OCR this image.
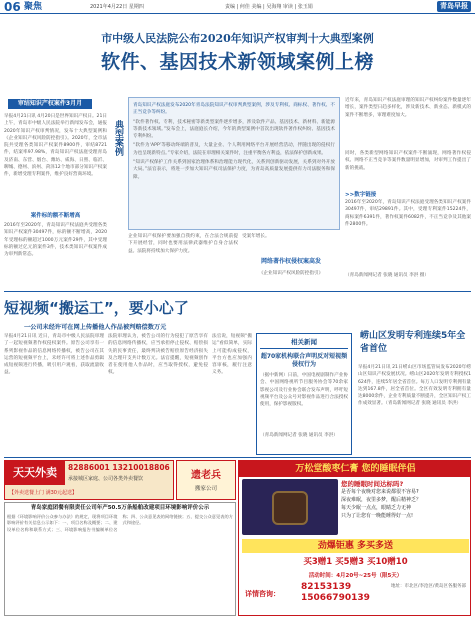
06 聚焦	2021年4月22日 星期四	责编 | 何佳 美编 | 吴海翔 审读 | 张玉娟	青岛早报
市中级人民法院公布2020年知识产权审判十大典型案例
软件、基因技术新领域案例上榜
审结知识产权案件3月月
早报4月21日讯 4月20日是世界知识产权日。21日上午，青岛市中级人民法院举行新闻发布会，通报2020年知识产权审判情况，发布十大典型案例和《企业知识产权风险防控指引》。2020年，全市法院共受理各类知识产权案件8900件，审结8721件，结案率97.98%，青岛知识产权法庭受理青岛及济南、东营、烟台、潍坊、威海、日照、临沂、聊城、德州、滨州、菏泽12个地市部分知识产权案件，新增受理专利案件，维护良好营商环境。
案件标的额不断增高
2016年至2020年，青岛知识产权法庭共受理各类知识产权案件30497件，标的额不断增高，2020年受理标的额超过1000万元案件29件，其中受理标的额过亿元的案件3件，技术类知识产权案件成为审判新常态。
典型案例
青岛知识产权法庭发布2020年青岛法院知识产权审判典型案例，涉及专利权、商标权、著作权、不正当竞争等纠纷。
“软件著作权、专利，技术秘密等新类型案件逐步增多，涉及软件产品、基因技术、新材料、新能源等新技术领域。”发布会上，法庭庭长介绍，今年的典型案例中首次出现软件著作权纠纷、基因技术专利纠纷。
“软件为‘APP’等移动终端的普及，大量企业、个人利用网络平台开展经营活动，伴随出现的侵权行为也呈现新特点。”专家介绍，法院在审理相关案件时，注重平衡各方利益，依法保护创新成果。
“知识产权保护工作关系到国家治理体系和治理能力现代化，关系到创新驱动发展，关系到对外开放大局。”法官表示，将进一步加大知识产权司法保护力度，为青岛高质量发展提供有力司法服务和保障。
企业知识产权保护要加强自我约束，在合法合规前提下开展经营，同时也要用法律武器维护自身合法权益。法院将持续加大保护力度。
受案年增长。
网络著作权侵权案高发
《企业知识产权风险防控指引》
近年来，青岛知识产权法庭审理的知识产权纠纷案件数量逐年增长，案件类型日趋多样化，涉及新技术、新业态、新模式的案件不断增多，审理难度加大。
同时，各类新型网络知识产权案件不断涌现，网络著作权侵权、网络不正当竞争等案件数量明显增加，对审判工作提出了新的挑战。
>>数字链接
2016年至2020年，青岛知识产权法庭受理各类知识产权案件30497件，审结29891件。其中，受理专利案件15224件，商标案件6391件，著作权案件6082件，不正当竞争及其他案件2800件。
（青岛新闻网记者 张晓 通讯员 李洪 摄）
短视频“搬运工”，要小心了
一公司未经许可在网上传播他人作品被判赔偿数万元
早报4月21日讯 近日，青岛市中级人民法院审理了一起短视频著作权侵权案件。原告公司享有一系列影视作品的信息网络传播权，被告公司在其运营的短视频平台上，未经许可将上述作品剪辑成短视频进行传播，吸引用户观看，获取流量收益。
法院审理认为，被告公司的行为侵犯了原告享有的信息网络传播权，应当承担停止侵权、赔偿损失的民事责任，最终判决被告赔偿原告经济损失及合理开支共计数万元。法官提醒，短视频创作者在使用他人作品时，应当取得授权，避免侵权。
法官说，短视频“搬运”看似简单，实际上可能构成侵权，平台方也应加强内容审核，履行注意义务。
相关新闻
超70家机构联合声明反对短视频侵权行为
（据中新网）日前，中国电视剧制作产业协会、中国网络视听节目服务协会等70余家影视公司及行业协会联合发布声明，呼吁短视频平台及公众号对影视作品进行合法授权使用，保护影视版权。
（青岛新闻网记者 张晓 通讯员 李洪）
崂山区发明专利连续5年全省首位
早报4月21日讯 21日崂山区市场监管局发布2020年崂山区知识产权发展状况。崂山区2020年发明专利授权1624件，连续5年居全省首位。每万人口发明专利拥有量达到167.8件，居全省首位。全区有效发明专利拥有量达8000余件，企业专利质量不断提升，全区知识产权工作成效显著。（青岛新闻网记者 张晓 通讯员 李洪）
天天外卖	82886001 13210018806
承接城区家庭、公司各类外卖餐饮
【外卖送餐上门 满30元起送】
遗老兵
搬家公司
青岛家庭团餐有限责任公司年产50.5万条船舶改建项目环境影响评价公示
根据《环境影响评价公众参与办法》的规定，现将项目环境影响评价有关信息公示如下：一、项目名称及概要；二、建设单位名称和联系方式；三、环境影响报告书编制单位名称；四、公众意见表的网络链接；五、提交公众意见表的方式和途径。
万松堂酸枣仁膏 您的睡眠伴侣
您的睡眠时间达标吗?
是否每个夜晚对您来说都很不容易?
深夜难眠，夜里多梦，醒后精神乏？
每天少眠一点点，眼睛乏力无神
只为了让您有一晚能睡得好一点!
劲爆钜惠 多买多送
买3赠1 买5赠3 买10赠10
活动时间：4月20号~25号（限5天）
详情咨询：
82153139
15066790139
地址：市北区/李沧区/黄岛区各服务部
